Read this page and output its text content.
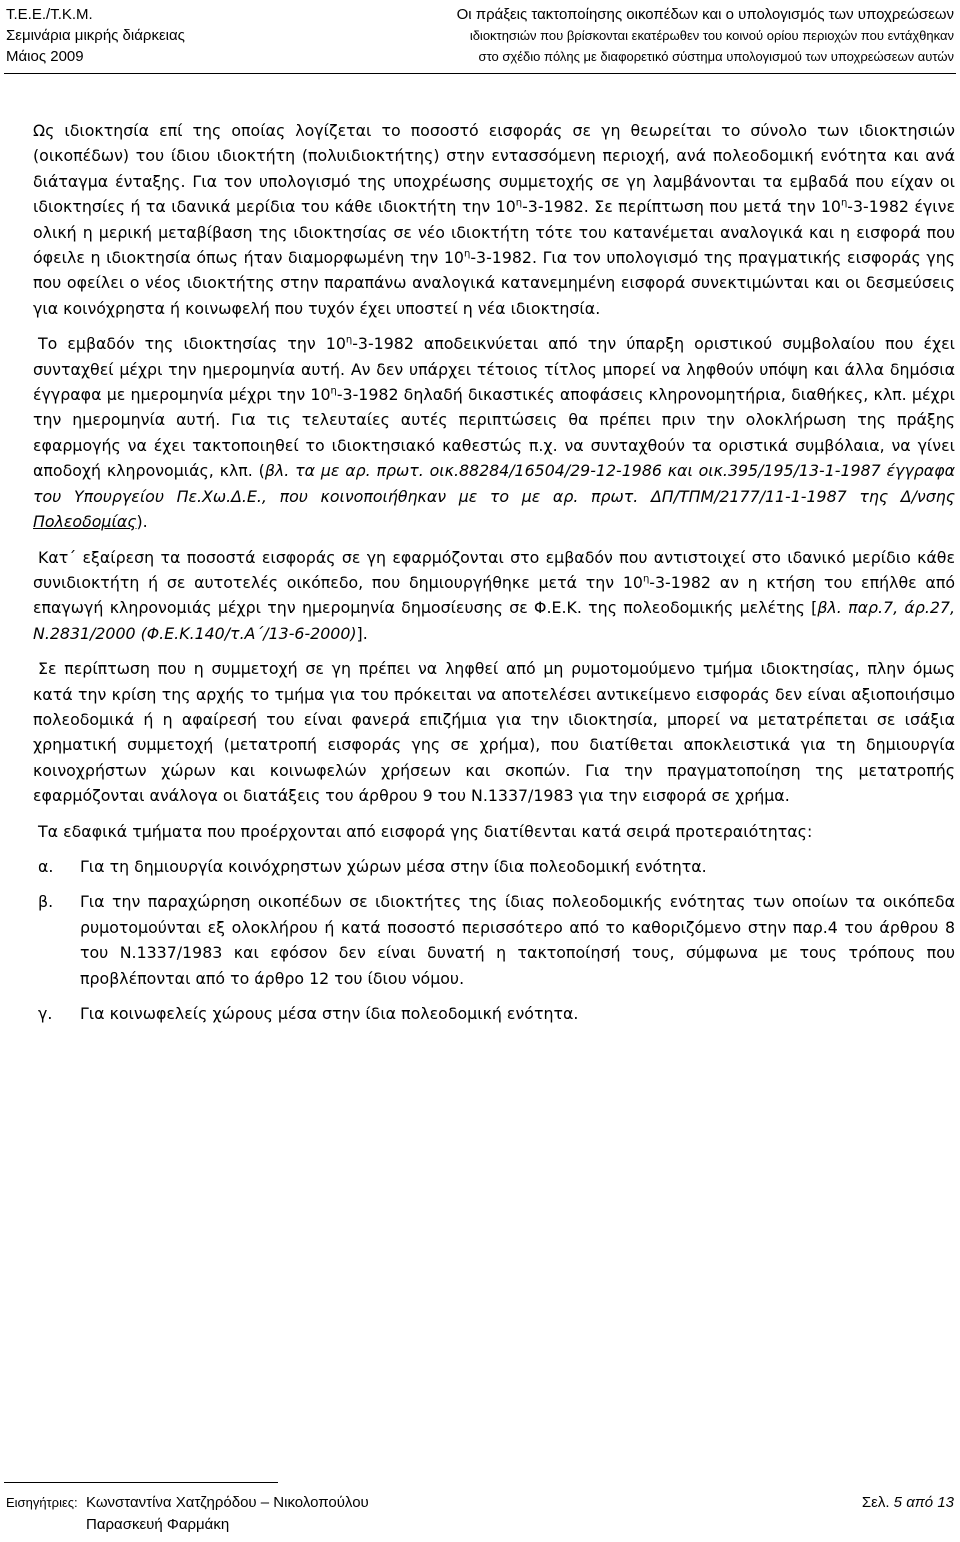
Τ.Ε.Ε./Τ.Κ.Μ.
Σεμινάρια μικρής διάρκειας
Μάιος 2009
Οι πράξεις τακτοποίησης οικοπέδων και ο υπολογισμός των υποχρεώσεων
ιδιοκτησιών που βρίσκονται εκατέρωθεν του κοινού ορίου περιοχών που εντάχθηκαν
στο σχέδιο πόλης με διαφορετικό σύστημα υπολογισμού των υποχρεώσεων αυτών

Ως ιδιοκτησία επί της οποίας λογίζεται το ποσοστό εισφοράς σε γη θεωρείται το σύνολο των ιδιοκτησιών (οικοπέδων) του ίδιου ιδιοκτήτη (πολυιδιοκτήτης) στην εντασσόμενη περιοχή, ανά πολεοδομική ενότητα και ανά διάταγμα ένταξης. Για τον υπολογισμό της υποχρέωσης συμμετοχής σε γη λαμβάνονται τα εμβαδά που είχαν οι ιδιοκτησίες ή τα ιδανικά μερίδια του κάθε ιδιοκτήτη την $10^\eta-3-1982$. Σε περίπτωση που μετά την $10^\eta-3-1982$ έγινε ολική η μερική μεταβίβαση της ιδιοκτησίας σε νέο ιδιοκτήτη τότε του κατανέμεται αναλογικά και η εισφορά που όφειλε η ιδιοκτησία όπως ήταν διαμορφωμένη την $10^\eta-3-1982$. Για τον υπολογισμό της πραγματικής εισφοράς γης που οφείλει ο νέος ιδιοκτήτης στην παραπάνω αναλογικά κατανεμημένη εισφορά συνεκτιμώνται και οι δεσμεύσεις για κοινόχρηστα ή κοινωφελή που τυχόν έχει υποστεί η νέα ιδιοκτησία.

Το εμβαδόν της ιδιοκτησίας την $10^\eta-3-1982$ αποδεικνύεται από την ύπαρξη οριστικού συμβολαίου που έχει συνταχθεί μέχρι την ημερομηνία αυτή. Αν δεν υπάρχει τέτοιος τίτλος μπορεί να ληφθούν υπόψη και άλλα δημόσια έγγραφα με ημερομηνία μέχρι την $10^\eta-3-1982$ δηλαδή δικαστικές αποφάσεις κληρονομητήρια, διαθήκες, κλπ. μέχρι την ημερομηνία αυτή. Για τις τελευταίες αυτές περιπτώσεις θα πρέπει πριν την ολοκλήρωση της πράξης εφαρμογής να έχει τακτοποιηθεί το ιδιοκτησιακό καθεστώς π.χ. να συνταχθούν τα οριστικά συμβόλαια, να γίνει αποδοχή κληρονομιάς, κλπ. (βλ. τα με αρ. πρωτ. οικ.88284/16504/29-12-1986 και οικ.395/195/13-1-1987 έγγραφα του Υπουργείου Πε.Χω.Δ.Ε., που κοινοποιήθηκαν με το με αρ. πρωτ. ΔΠ/ΤΠΜ/2177/11-1-1987 της Δ/νσης Πολεοδομίας).

Κατ΄ εξαίρεση τα ποσοστά εισφοράς σε γη εφαρμόζονται στο εμβαδόν που αντιστοιχεί στο ιδανικό μερίδιο κάθε συνιδιοκτήτη ή σε αυτοτελές οικόπεδο, που δημιουργήθηκε μετά την $10^\eta-3-1982$ αν η κτήση του επήλθε από επαγωγή κληρονομιάς μέχρι την ημερομηνία δημοσίευσης σε Φ.Ε.Κ. της πολεοδομικής μελέτης [βλ. παρ.7, άρ.27, Ν.2831/2000 (Φ.Ε.Κ.140/τ.Α΄/13-6-2000)].

Σε περίπτωση που η συμμετοχή σε γη πρέπει να ληφθεί από μη ρυμοτομούμενο τμήμα ιδιοκτησίας, πλην όμως κατά την κρίση της αρχής το τμήμα για του πρόκειται να αποτελέσει αντικείμενο εισφοράς δεν είναι αξιοποιήσιμο πολεοδομικά ή η αφαίρεσή του είναι φανερά επιζήμια για την ιδιοκτησία, μπορεί να μετατρέπεται σε ισάξια χρηματική συμμετοχή (μετατροπή εισφοράς γης σε χρήμα), που διατίθεται αποκλειστικά για τη δημιουργία κοινοχρήστων χώρων και κοινωφελών χρήσεων και σκοπών. Για την πραγματοποίηση της μετατροπής εφαρμόζονται ανάλογα οι διατάξεις του άρθρου 9 του Ν.1337/1983 για την εισφορά σε χρήμα.

Τα εδαφικά τμήματα που προέρχονται από εισφορά γης διατίθενται κατά σειρά προτεραιότητας:

α. Για τη δημιουργία κοινόχρηστων χώρων μέσα στην ίδια πολεοδομική ενότητα.

β. Για την παραχώρηση οικοπέδων σε ιδιοκτήτες της ίδιας πολεοδομικής ενότητας των οποίων τα οικόπεδα ρυμοτομούνται εξ ολοκλήρου ή κατά ποσοστό περισσότερο από το καθοριζόμενο στην παρ.4 του άρθρου 8 του Ν.1337/1983 και εφόσον δεν είναι δυνατή η τακτοποίησή τους, σύμφωνα με τους τρόπους που προβλέπονται από το άρθρο 12 του ίδιου νόμου.

γ. Για κοινωφελείς χώρους μέσα στην ίδια πολεοδομική ενότητα.

Εισηγήτριες: Κωνσταντίνα Χατζηρόδου – Νικολοπούλου
Παρασκευή Φαρμάκη
Σελ. 5 από 13
